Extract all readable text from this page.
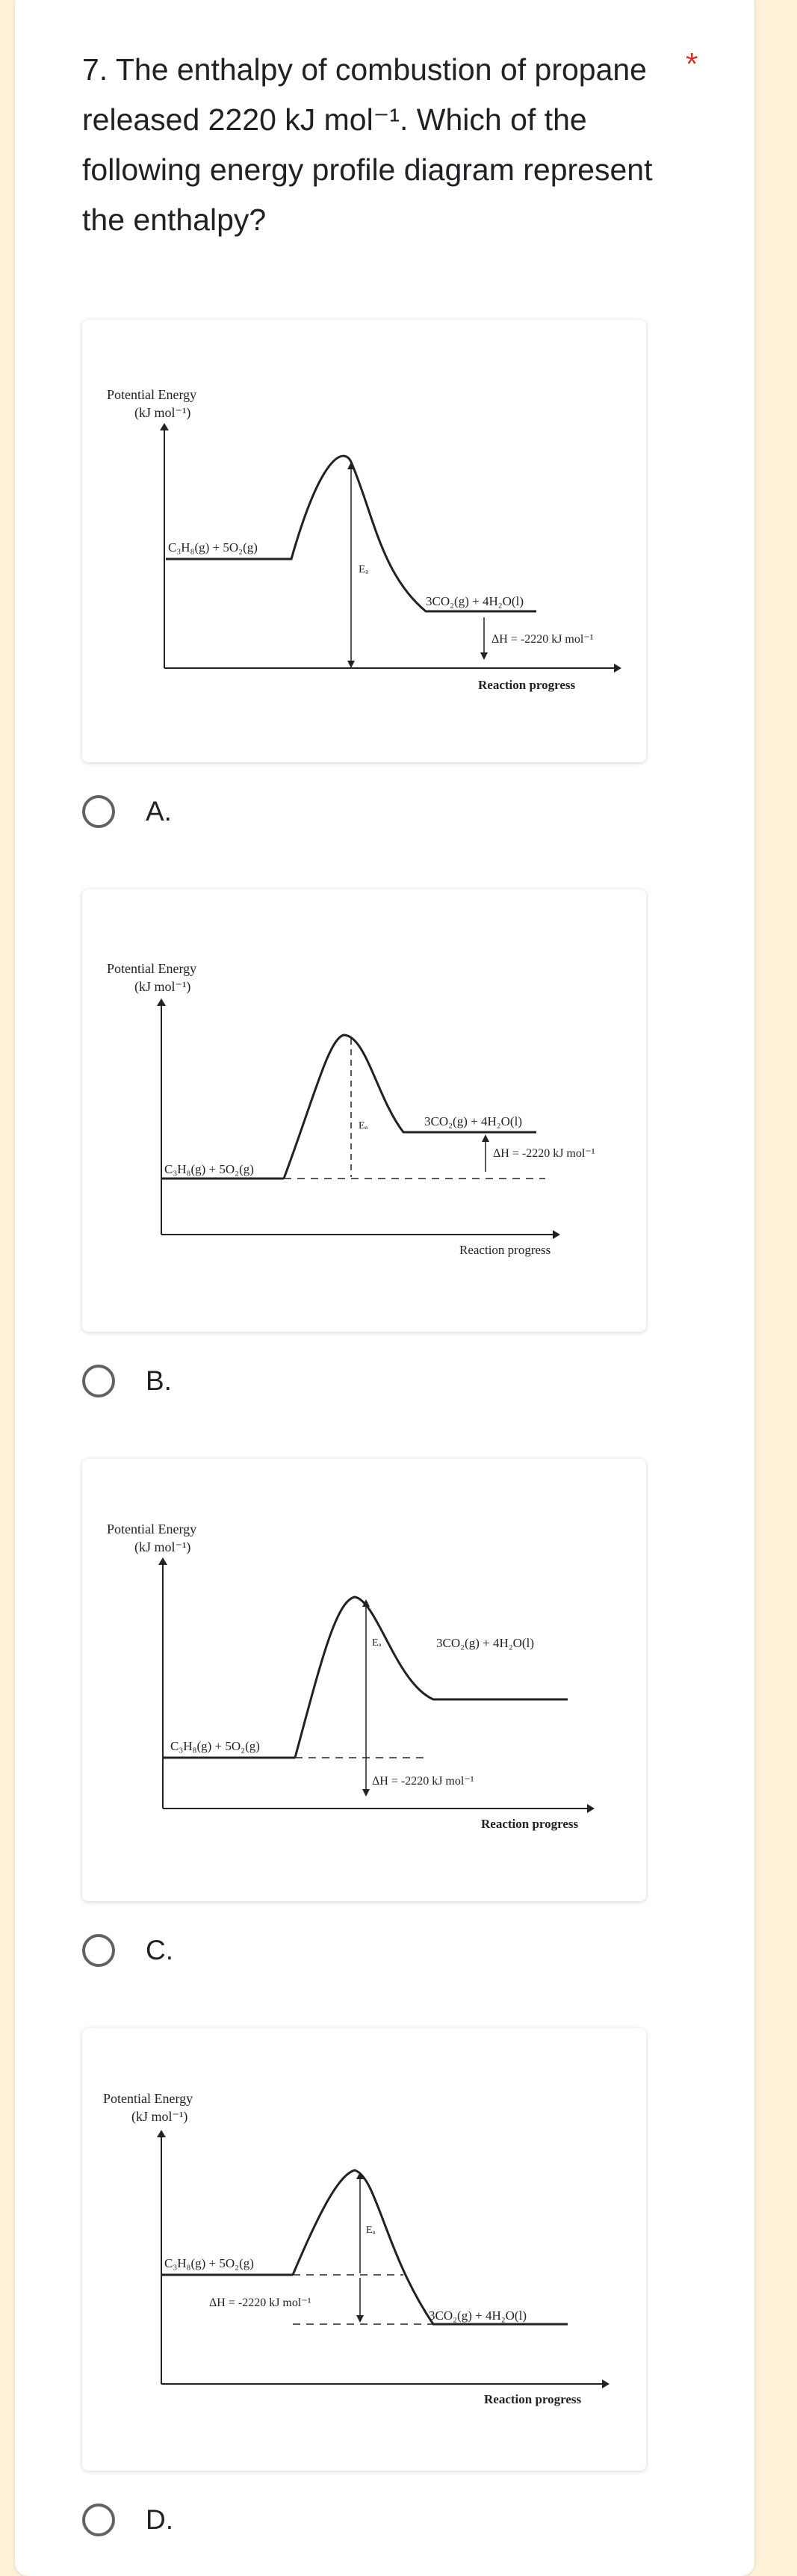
7. The enthalpy of combustion of propane released 2220 kJ mol⁻¹. Which of the following energy profile diagram represent the enthalpy?
*
Potential Energy
(kJ mol⁻¹)
Eₐ
C₃H₈(g) + 5O₂(g)
3CO₂(g) + 4H₂O(l)
ΔH = -2220 kJ mol⁻¹
Reaction progress
A.
Potential Energy
(kJ mol⁻¹)
Eₐ
C₃H₈(g) + 5O₂(g)
3CO₂(g) + 4H₂O(l)
ΔH = -2220 kJ mol⁻¹
Reaction progress
B.
Potential Energy
(kJ mol⁻¹)
Eₐ
C₃H₈(g) + 5O₂(g)
3CO₂(g) + 4H₂O(l)
ΔH = -2220 kJ mol⁻¹
Reaction progress
C.
Potential Energy
(kJ mol⁻¹)
Eₐ
C₃H₈(g) + 5O₂(g)
ΔH = -2220 kJ mol⁻¹
3CO₂(g) + 4H₂O(l)
Reaction progress
D.
